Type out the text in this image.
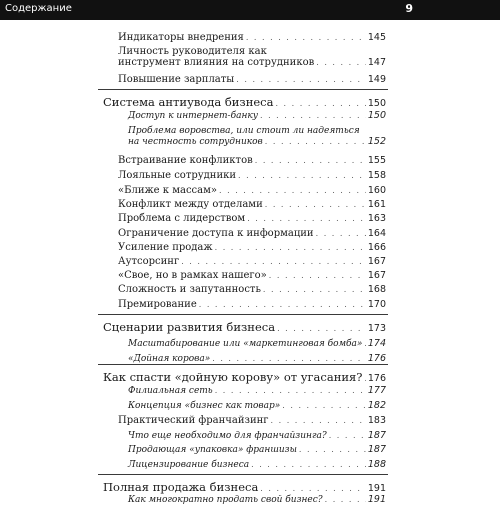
Содержание	9
Индикаторы внедрения . . .	145
Личность руководителя как
инструмент влияния на сотрудников . . .	147
Повышение зарплаты . . .	149
Система антиувода бизнеса . . .	150
Доступ к интернет-банку . . .	150
Проблема воровства, или стоит ли надеяться
на честность сотрудников . . .	152
Встраивание конфликтов . . .	155
Лояльные сотрудники . . .	158
«Ближе к массам» . . .	160
Конфликт между отделами . . .	161
Проблема с лидерством . . .	163
Ограничение доступа к информации . . .	164
Усиление продаж . . .	166
Аутсорсинг . . .	167
«Свое, но в рамках нашего» . . .	167
Сложность и запутанность . . .	168
Премирование . . .	170
Сценарии развития бизнеса . . .	173
Масштабирование или «маркетинговая бомба» . . . 174
«Дойная корова» . . .	176
Как спасти «дойную корову» от угасания? . . . 176
Филиальная сеть . . .	177
Концепция «бизнес как товар» . . .	182
Практический франчайзинг . . .	183
Что еще необходимо для франчайзинга? . . .	187
Продающая «упаковка» франшизы . . .	187
Лицензирование бизнеса . . .	188
Полная продажа бизнеса . . .	191
Как многократно продать свой бизнес? . . .	191
